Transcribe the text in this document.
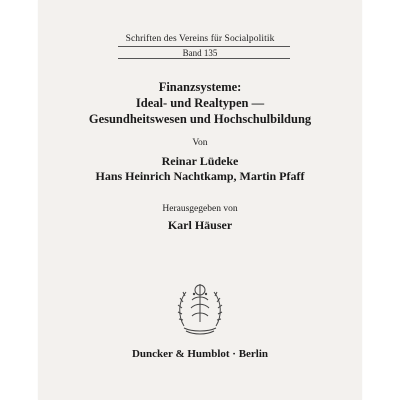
Schriften des Vereins für Socialpolitik
Band 135
Finanzsysteme:
Ideal- und Realtypen —
Gesundheitswesen und Hochschulbildung
Von
Reinar Lüdeke
Hans Heinrich Nachtkamp, Martin Pfaff
Herausgegeben von
Karl Häuser
Duncker & Humblot · Berlin
